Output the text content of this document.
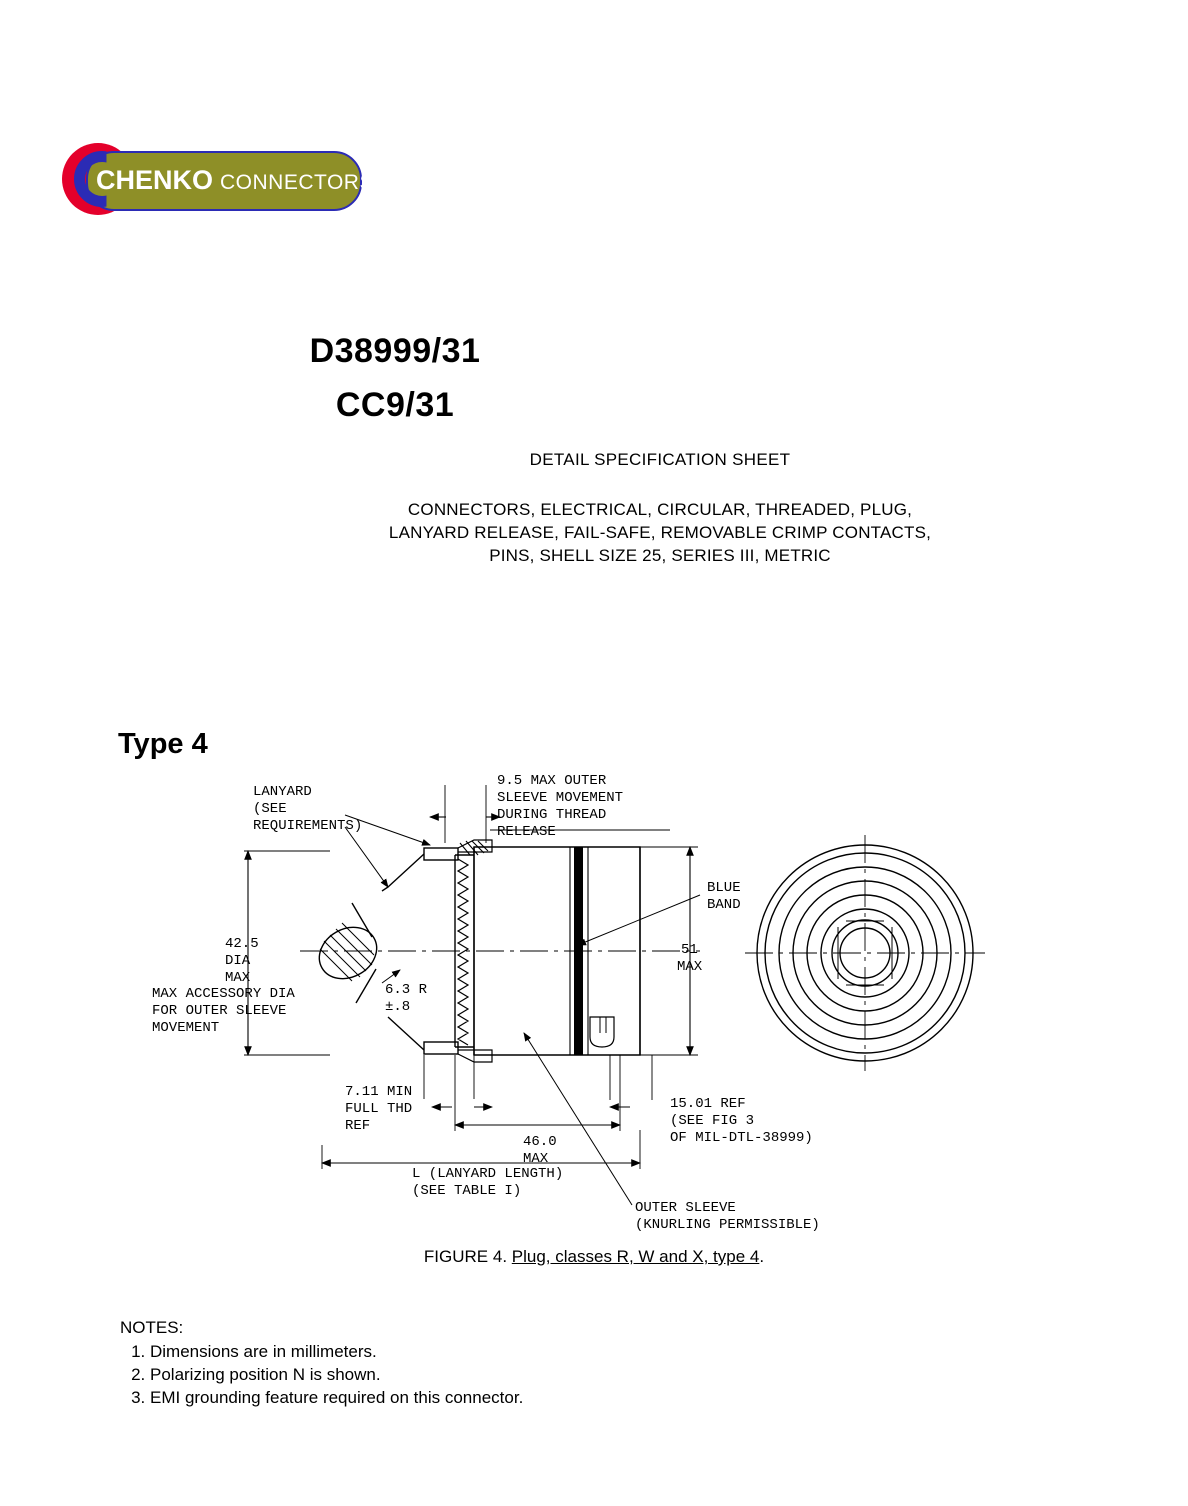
CHENKO CONNECTORS
D38999/31
CC9/31
DETAIL SPECIFICATION SHEET
CONNECTORS, ELECTRICAL, CIRCULAR, THREADED, PLUG,
LANYARD RELEASE, FAIL-SAFE, REMOVABLE CRIMP CONTACTS,
PINS, SHELL SIZE 25, SERIES III, METRIC
Type 4
LANYARD
(SEE
REQUIREMENTS)
9.5 MAX OUTER
SLEEVE MOVEMENT
DURING THREAD
RELEASE
BLUE
BAND
42.5
DIA
MAX
MAX ACCESSORY DIA
FOR OUTER SLEEVE
MOVEMENT
6.3 R
±.8
51
MAX
7.11 MIN
FULL THD
REF
46.0
MAX
15.01 REF
(SEE FIG 3
OF MIL-DTL-38999)
L (LANYARD LENGTH)
(SEE TABLE I)
OUTER SLEEVE
(KNURLING PERMISSIBLE)
FIGURE 4. Plug, classes R, W and X, type 4.

NOTES:

1. Dimensions are in millimeters.
2. Polarizing position N is shown.
3. EMI grounding feature required on this connector.
